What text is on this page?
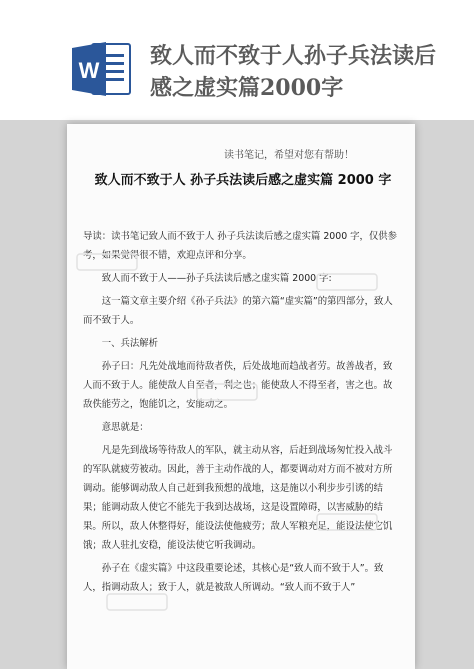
W
致人而不致于人孙子兵法读后感之虚实篇2000字
读书笔记，希望对您有帮助！
致人而不致于人 孙子兵法读后感之虚实篇 2000 字

导读：读书笔记致人而不致于人 孙子兵法读后感之虚实篇 2000 字，仅供参考，如果觉得很不错，欢迎点评和分享。

致人而不致于人——孙子兵法读后感之虚实篇 2000 字:

这一篇文章主要介绍《孙子兵法》的第六篇“虚实篇”的第四部分，致人而不致于人。

一、兵法解析

孙子曰：凡先处战地而待敌者佚，后处战地而趋战者劳。故善战者，致人而不致于人。能使敌人自至者，利之也；能使敌人不得至者，害之也。故敌佚能劳之，饱能饥之，安能动之。

意思就是：

凡是先到战场等待敌人的军队，就主动从容，后赶到战场匆忙投入战斗的军队就疲劳被动。因此，善于主动作战的人，都要调动对方而不被对方所调动。能够调动敌人自己赶到我预想的战地，这是施以小利步步引诱的结果；能调动敌人使它不能先于我到达战场，这是设置障碍，以害威胁的结果。所以，敌人休整得好，能设法使他疲劳；敌人军粮充足，能设法使它饥饿；敌人驻扎安稳，能设法使它听我调动。

孙子在《虚实篇》中这段重要论述，其核心是“致人而不致于人”。致人，指调动敌人；致于人，就是被敌人所调动。“致人而不致于人”
